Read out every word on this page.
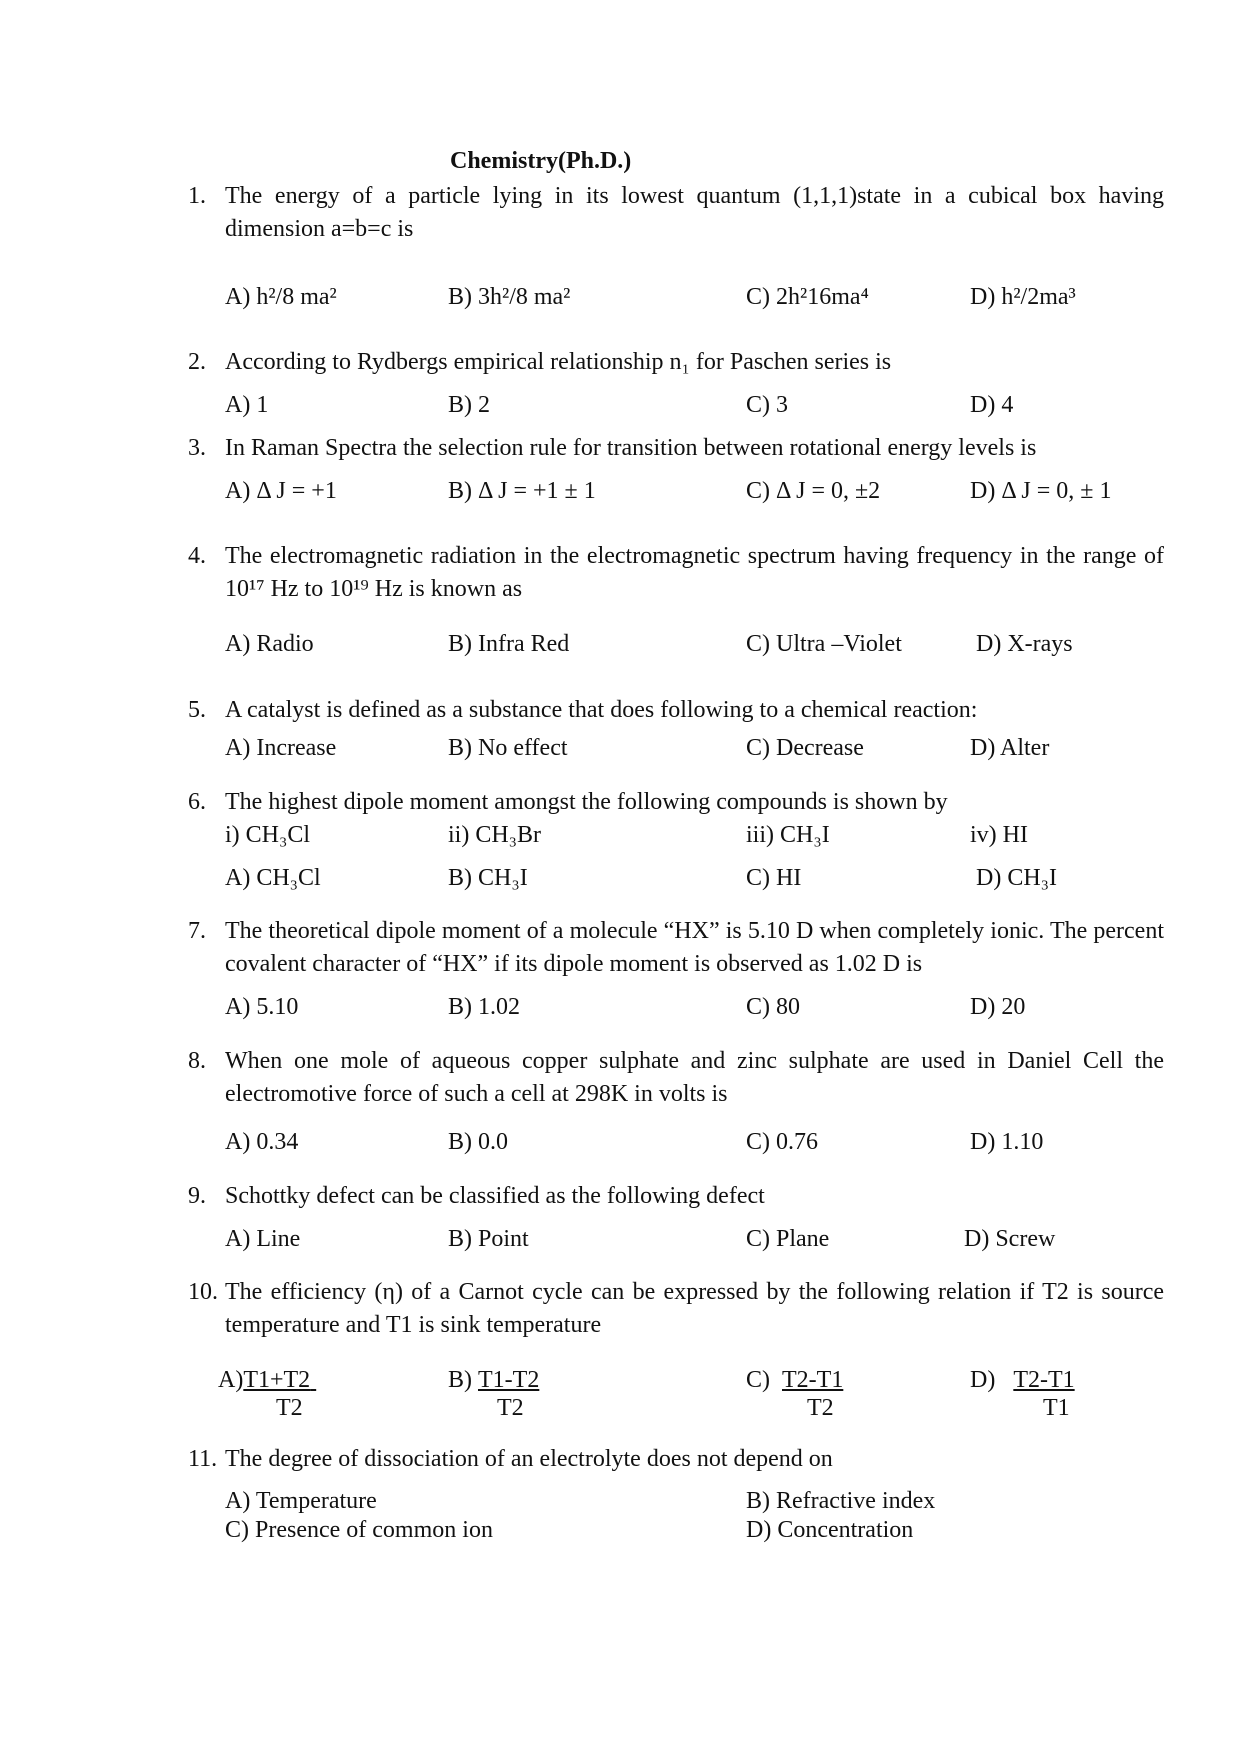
Chemistry(Ph.D.)
1. The energy of a particle lying in its lowest quantum (1,1,1)state in a cubical box having dimension a=b=c is
A) h²/8 ma²	B) 3h²/8 ma²	C) 2h²16ma⁴	D) h²/2ma³
2. According to Rydbergs empirical relationship n₁ for Paschen series is
A) 1	B) 2	C) 3	D) 4
3. In Raman Spectra the selection rule for transition between rotational energy levels is
A) Δ J = +1	B) Δ J = +1 ± 1	C) Δ J = 0, ±2	D) Δ J = 0, ± 1
4. The electromagnetic radiation in the electromagnetic spectrum having frequency in the range of 10¹⁷ Hz to 10¹⁹ Hz is known as
A) Radio	B) Infra Red	C) Ultra –Violet	D) X-rays
5. A catalyst is defined as a substance that does following to a chemical reaction:
A) Increase	B) No effect	C) Decrease	D) Alter
6. The highest dipole moment amongst the following compounds is shown by
i) CH₃Cl	ii) CH₃Br	iii) CH₃I	iv) HI
A) CH₃Cl	B) CH₃I	C) HI	D) CH₃I
7. The theoretical dipole moment of a molecule “HX” is 5.10 D when completely ionic. The percent covalent character of “HX” if its dipole moment is observed as 1.02 D is
A) 5.10	B) 1.02	C) 80	D) 20
8. When one mole of aqueous copper sulphate and zinc sulphate are used in Daniel Cell the electromotive force of such a cell at 298K in volts is
A) 0.34	B) 0.0	C) 0.76	D) 1.10
9. Schottky defect can be classified as the following defect
A) Line	B) Point	C) Plane	D) Screw
10. The efficiency (η) of a Carnot cycle can be expressed by the following relation if T2 is source temperature and T1 is sink temperature
A)T1+T2
T2
B) T1-T2
T2
C) T2-T1
T2
D) T2-T1
T1
11. The degree of dissociation of an electrolyte does not depend on
A) Temperature	B) Refractive index
C) Presence of common ion	D) Concentration
